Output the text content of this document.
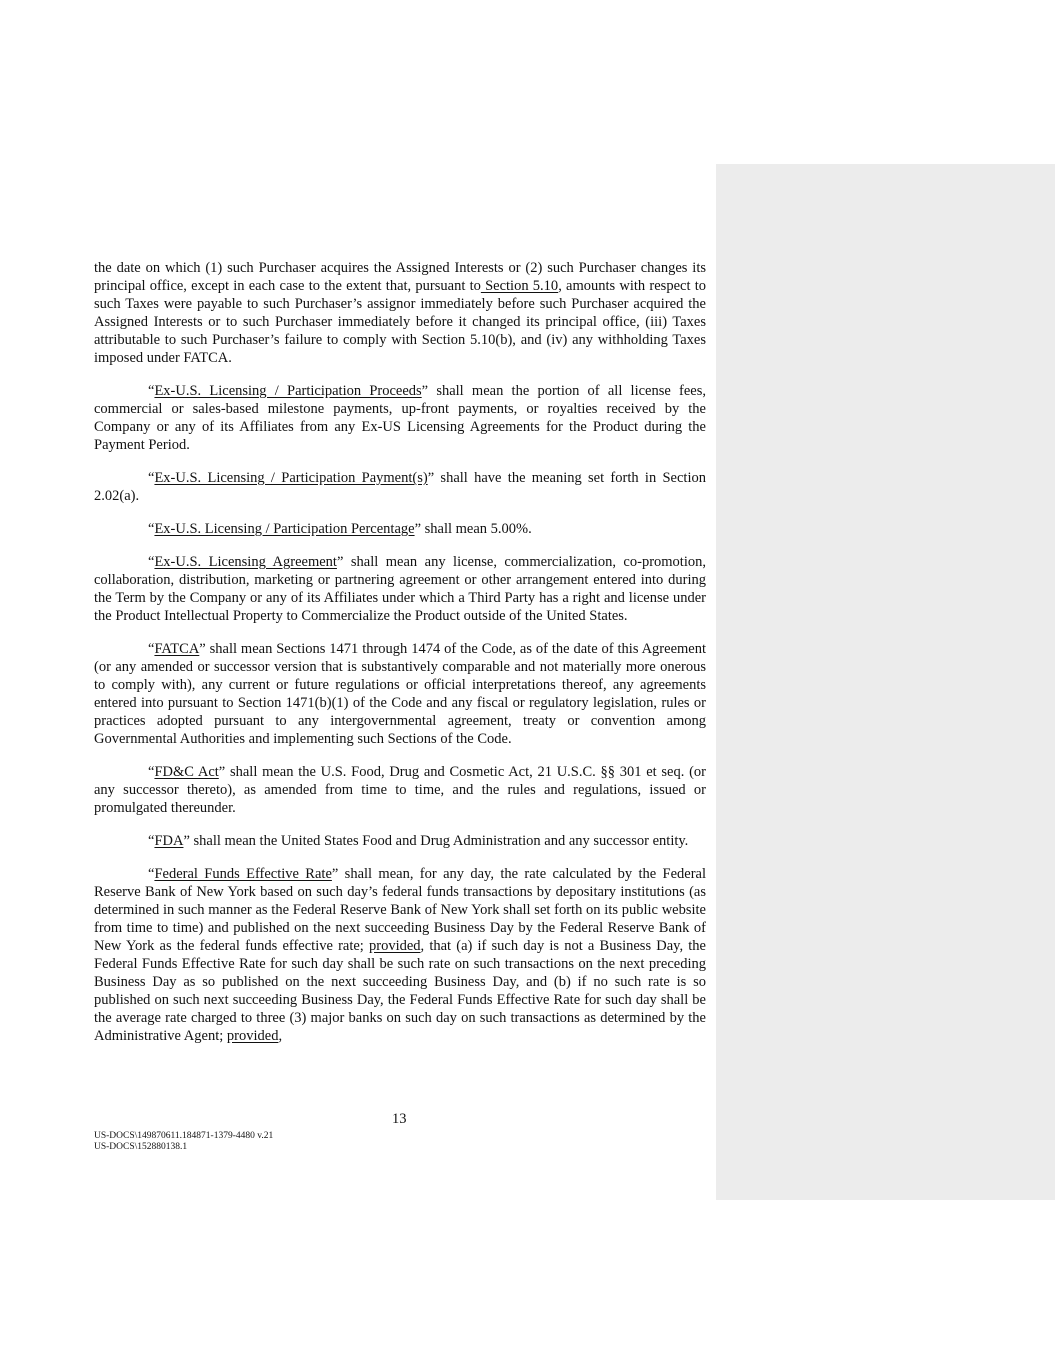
the date on which (1) such Purchaser acquires the Assigned Interests or (2) such Purchaser changes its principal office, except in each case to the extent that, pursuant to Section 5.10, amounts with respect to such Taxes were payable to such Purchaser’s assignor immediately before such Purchaser acquired the Assigned Interests or to such Purchaser immediately before it changed its principal office, (iii) Taxes attributable to such Purchaser’s failure to comply with Section 5.10(b), and (iv) any withholding Taxes imposed under FATCA.

“Ex-U.S. Licensing / Participation Proceeds” shall mean the portion of all license fees, commercial or sales-based milestone payments, up-front payments, or royalties received by the Company or any of its Affiliates from any Ex-US Licensing Agreements for the Product during the Payment Period.

“Ex-U.S. Licensing / Participation Payment(s)” shall have the meaning set forth in Section 2.02(a).

“Ex-U.S. Licensing / Participation Percentage” shall mean 5.00%.

“Ex-U.S. Licensing Agreement” shall mean any license, commercialization, co-promotion, collaboration, distribution, marketing or partnering agreement or other arrangement entered into during the Term by the Company or any of its Affiliates under which a Third Party has a right and license under the Product Intellectual Property to Commercialize the Product outside of the United States.

“FATCA” shall mean Sections 1471 through 1474 of the Code, as of the date of this Agreement (or any amended or successor version that is substantively comparable and not materially more onerous to comply with), any current or future regulations or official interpretations thereof, any agreements entered into pursuant to Section 1471(b)(1) of the Code and any fiscal or regulatory legislation, rules or practices adopted pursuant to any intergovernmental agreement, treaty or convention among Governmental Authorities and implementing such Sections of the Code.

“FD&C Act” shall mean the U.S. Food, Drug and Cosmetic Act, 21 U.S.C. §§ 301 et seq. (or any successor thereto), as amended from time to time, and the rules and regulations, issued or promulgated thereunder.

“FDA” shall mean the United States Food and Drug Administration and any successor entity.

“Federal Funds Effective Rate” shall mean, for any day, the rate calculated by the Federal Reserve Bank of New York based on such day’s federal funds transactions by depositary institutions (as determined in such manner as the Federal Reserve Bank of New York shall set forth on its public website from time to time) and published on the next succeeding Business Day by the Federal Reserve Bank of New York as the federal funds effective rate; provided, that (a) if such day is not a Business Day, the Federal Funds Effective Rate for such day shall be such rate on such transactions on the next preceding Business Day as so published on the next succeeding Business Day, and (b) if no such rate is so published on such next succeeding Business Day, the Federal Funds Effective Rate for such day shall be the average rate charged to three (3) major banks on such day on such transactions as determined by the Administrative Agent; provided,

13
US-DOCS\149870611.184871-1379-4480 v.21
US-DOCS\152880138.1
